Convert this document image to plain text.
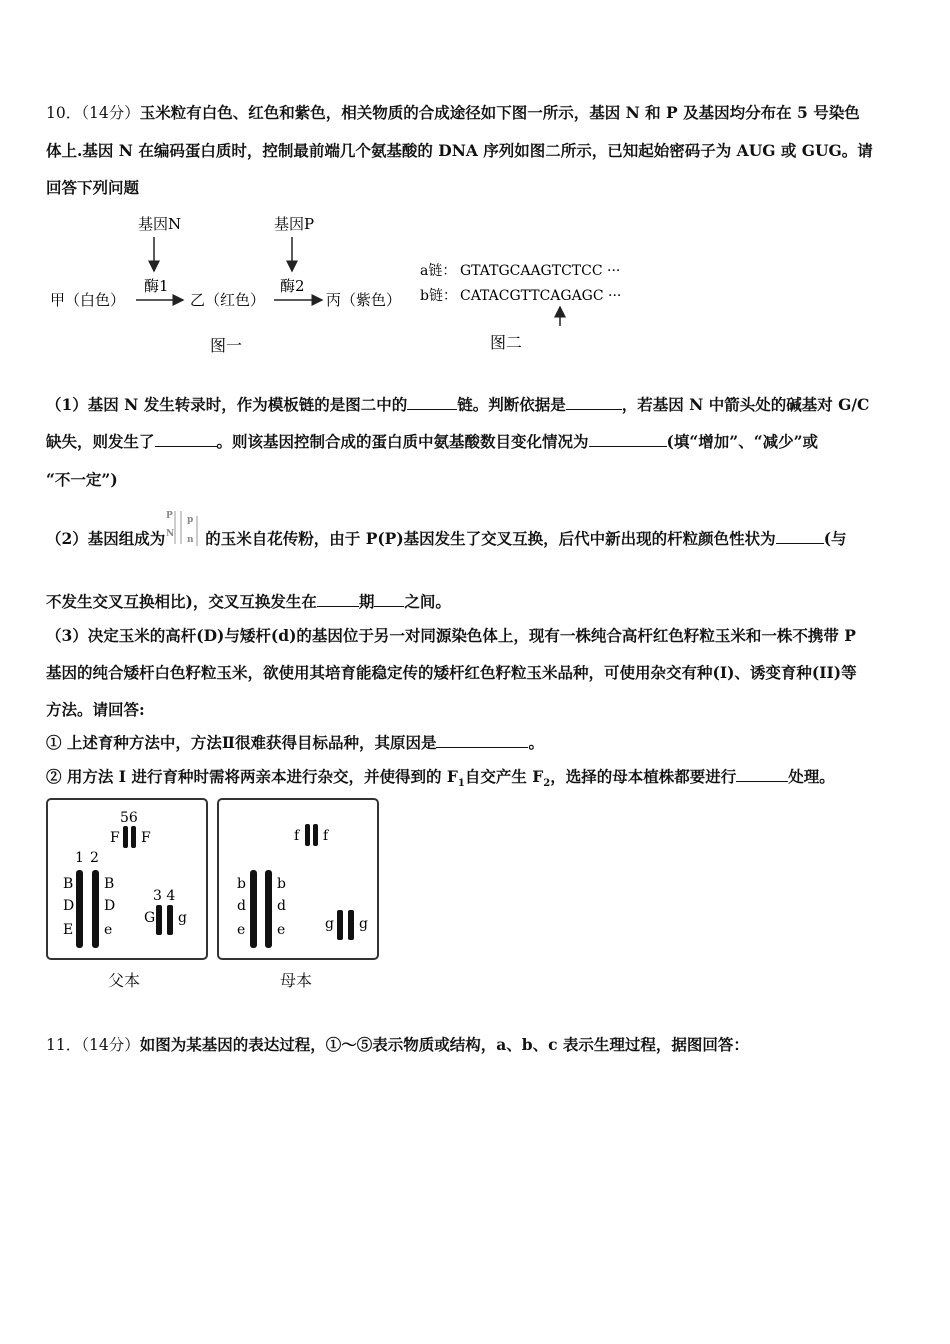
10．（14分）玉米粒有白色、红色和紫色，相关物质的合成途径如下图一所示，基因 N 和 P 及基因均分布在 5 号染色
体上.基因 N 在编码蛋白质时，控制最前端几个氨基酸的 DNA 序列如图二所示，已知起始密码子为 AUG 或 GUG。请
回答下列问题
基因N	基因P
酶1	酶2
甲（白色）	乙（红色）	丙（紫色）
图一
a链： GTATGCAAGTCTCC ···
b链： CATACGTTCAGAGC ···
图二
（1）基因 N 发生转录时，作为模板链的是图二中的	链。判断依据是	，若基因 N 中箭头处的碱基对 G/C
缺失，则发生了	。则该基因控制合成的蛋白质中氨基酸数目变化情况为	(填“增加”、“减少”或
“不一定”)
（2）基因组成为
P
N
p
n 的玉米自花传粉，由于 P(P)基因发生了交叉互换，后代中新出现的杆粒颜色性状为	(与
不发生交叉互换相比)，交叉互换发生在	期 之间。
（3）决定玉米的高杆(D)与矮杆(d)的基因位于另一对同源染色体上，现有一株纯合高杆红色籽粒玉米和一株不携带 P
基因的纯合矮杆白色籽粒玉米，欲使用其培育能稳定传的矮杆红色籽粒玉米品种，可使用杂交有种(I)、诱变育种(II)等
方法。请回答:
① 上述育种方法中，方法Ⅱ很难获得目标品种，其原因是	。
② 用方法 I 进行育种时需将两亲本进行杂交，并使得到的 $F_1$自交产生 $F_2$，选择的母本植株都要进行	处理。
56
F F
1 2
B
D
E
B
D
e
3 4
G g
父本
f f
b
d
e
b
d
e	g g
母本
11．（14分）如图为某基因的表达过程，①～⑤表示物质或结构，a、b、c 表示生理过程，据图回答：
